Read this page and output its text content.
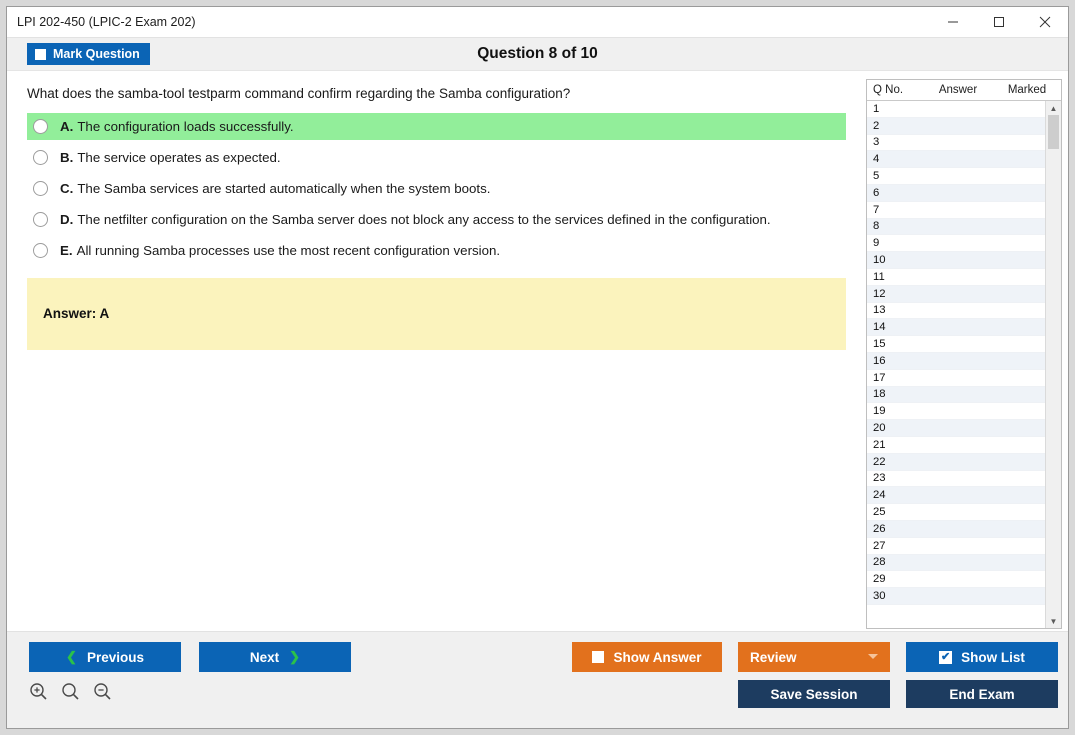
LPI 202-450 (LPIC-2 Exam 202)
Mark Question	Question 8 of 10
What does the samba-tool testparm command confirm regarding the Samba configuration?
A. The configuration loads successfully.
B. The service operates as expected.
C. The Samba services are started automatically when the system boots.
D. The netfilter configuration on the Samba server does not block any access to the services defined in the configuration.
E. All running Samba processes use the most recent configuration version.
Answer: A
Q No.	Answer	Marked
1
2
3
4
5
6
7
8
9
10
11
12
13
14
15
16
17
18
19
20
21
22
23
24
25
26
27
28
29
30
▲
▼
❮ Previous	Next ❯	Show Answer	Review	✔ Show List
Save Session	End Exam
